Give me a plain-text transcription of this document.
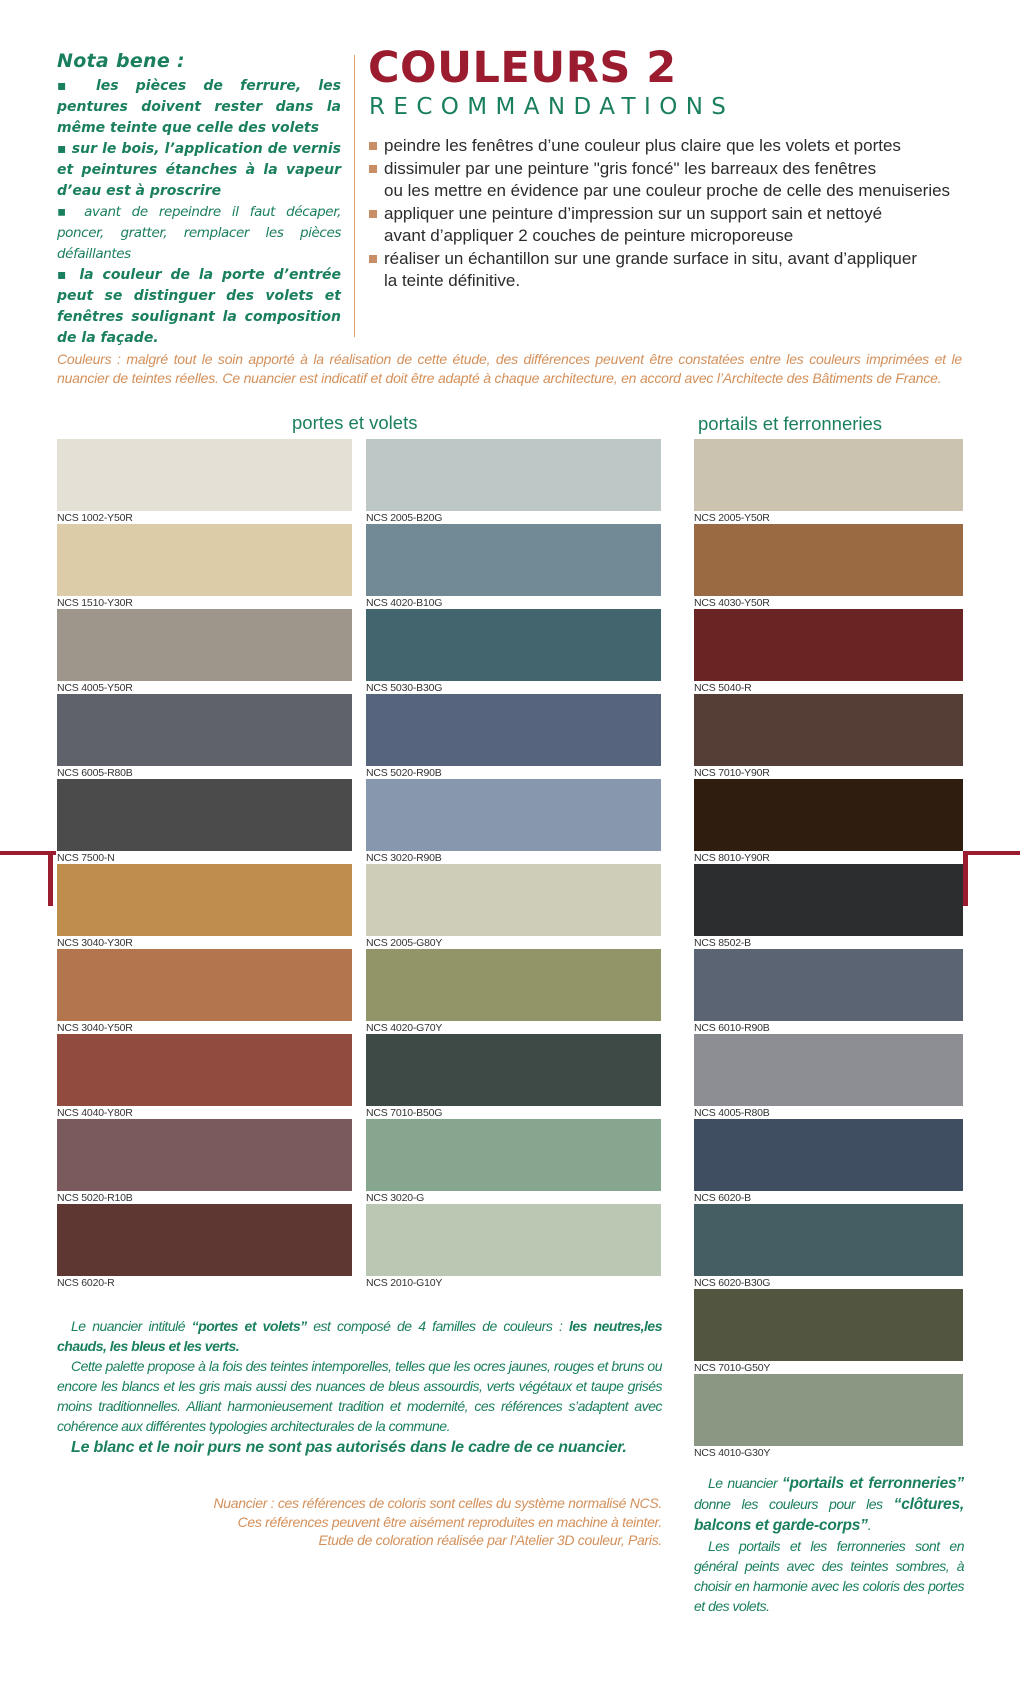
Nota bene :

▪ les pièces de ferrure, les pentures doivent rester dans la même teinte que celle des volets

▪ sur le bois, l’application de vernis et peintures étanches à la vapeur d’eau est à proscrire

▪ avant de repeindre il faut décaper, poncer, gratter, remplacer les pièces défaillantes

▪ la couleur de la porte d’entrée peut se distinguer des volets et fenêtres soulignant la composition de la façade.

COULEURS 2
RECOMMANDATIONS
peindre les fenêtres d’une couleur plus claire que les volets et portes
dissimuler par une peinture "gris foncé" les barreaux des fenêtres
ou les mettre en évidence par une couleur proche de celle des menuiseries
appliquer une peinture d’impression sur un support sain et nettoyé
avant d’appliquer 2 couches de peinture microporeuse
réaliser un échantillon sur une grande surface in situ, avant d’appliquer
la teinte définitive.
Couleurs : malgré tout le soin apporté à la réalisation de cette étude, des différences peuvent être constatées entre les couleurs imprimées et le nuancier de teintes réelles. Ce nuancier est indicatif et doit être adapté à chaque architecture, en accord avec l’Architecte des Bâtiments de France.
portes et volets	portails et ferronneries
NCS 1002-Y50R
NCS 1510-Y30R
NCS 4005-Y50R
NCS 6005-R80B
NCS 7500-N
NCS 3040-Y30R
NCS 3040-Y50R
NCS 4040-Y80R
NCS 5020-R10B
NCS 6020-R
NCS 2005-B20G
NCS 4020-B10G
NCS 5030-B30G
NCS 5020-R90B
NCS 3020-R90B
NCS 2005-G80Y
NCS 4020-G70Y
NCS 7010-B50G
NCS 3020-G
NCS 2010-G10Y
NCS 2005-Y50R
NCS 4030-Y50R
NCS 5040-R
NCS 7010-Y90R
NCS 8010-Y90R
NCS 8502-B
NCS 6010-R90B
NCS 4005-R80B
NCS 6020-B
NCS 6020-B30G
NCS 7010-G50Y
NCS 4010-G30Y

Le nuancier intitulé “portes et volets” est composé de 4 familles de couleurs : les neutres,les chauds, les bleus et les verts.

Cette palette propose à la fois des teintes intemporelles, telles que les ocres jaunes, rouges et bruns ou encore les blancs et les gris mais aussi des nuances de bleus assourdis, verts végétaux et taupe grisés moins traditionnelles. Alliant harmonieusement tradition et modernité, ces références s’adaptent avec cohérence aux différentes typologies architecturales de la commune.

Le blanc et le noir purs ne sont pas autorisés dans le cadre de ce nuancier.

Nuancier : ces références de coloris sont celles du système normalisé NCS.

Ces références peuvent être aisément reproduites en machine à teinter.

Etude de coloration réalisée par l’Atelier 3D couleur, Paris.

Le nuancier “portails et ferronneries” donne les couleurs pour les “clôtures, balcons et garde-corps”.

Les portails et les ferronneries sont en général peints avec des teintes sombres, à choisir en harmonie avec les coloris des portes et des volets.
